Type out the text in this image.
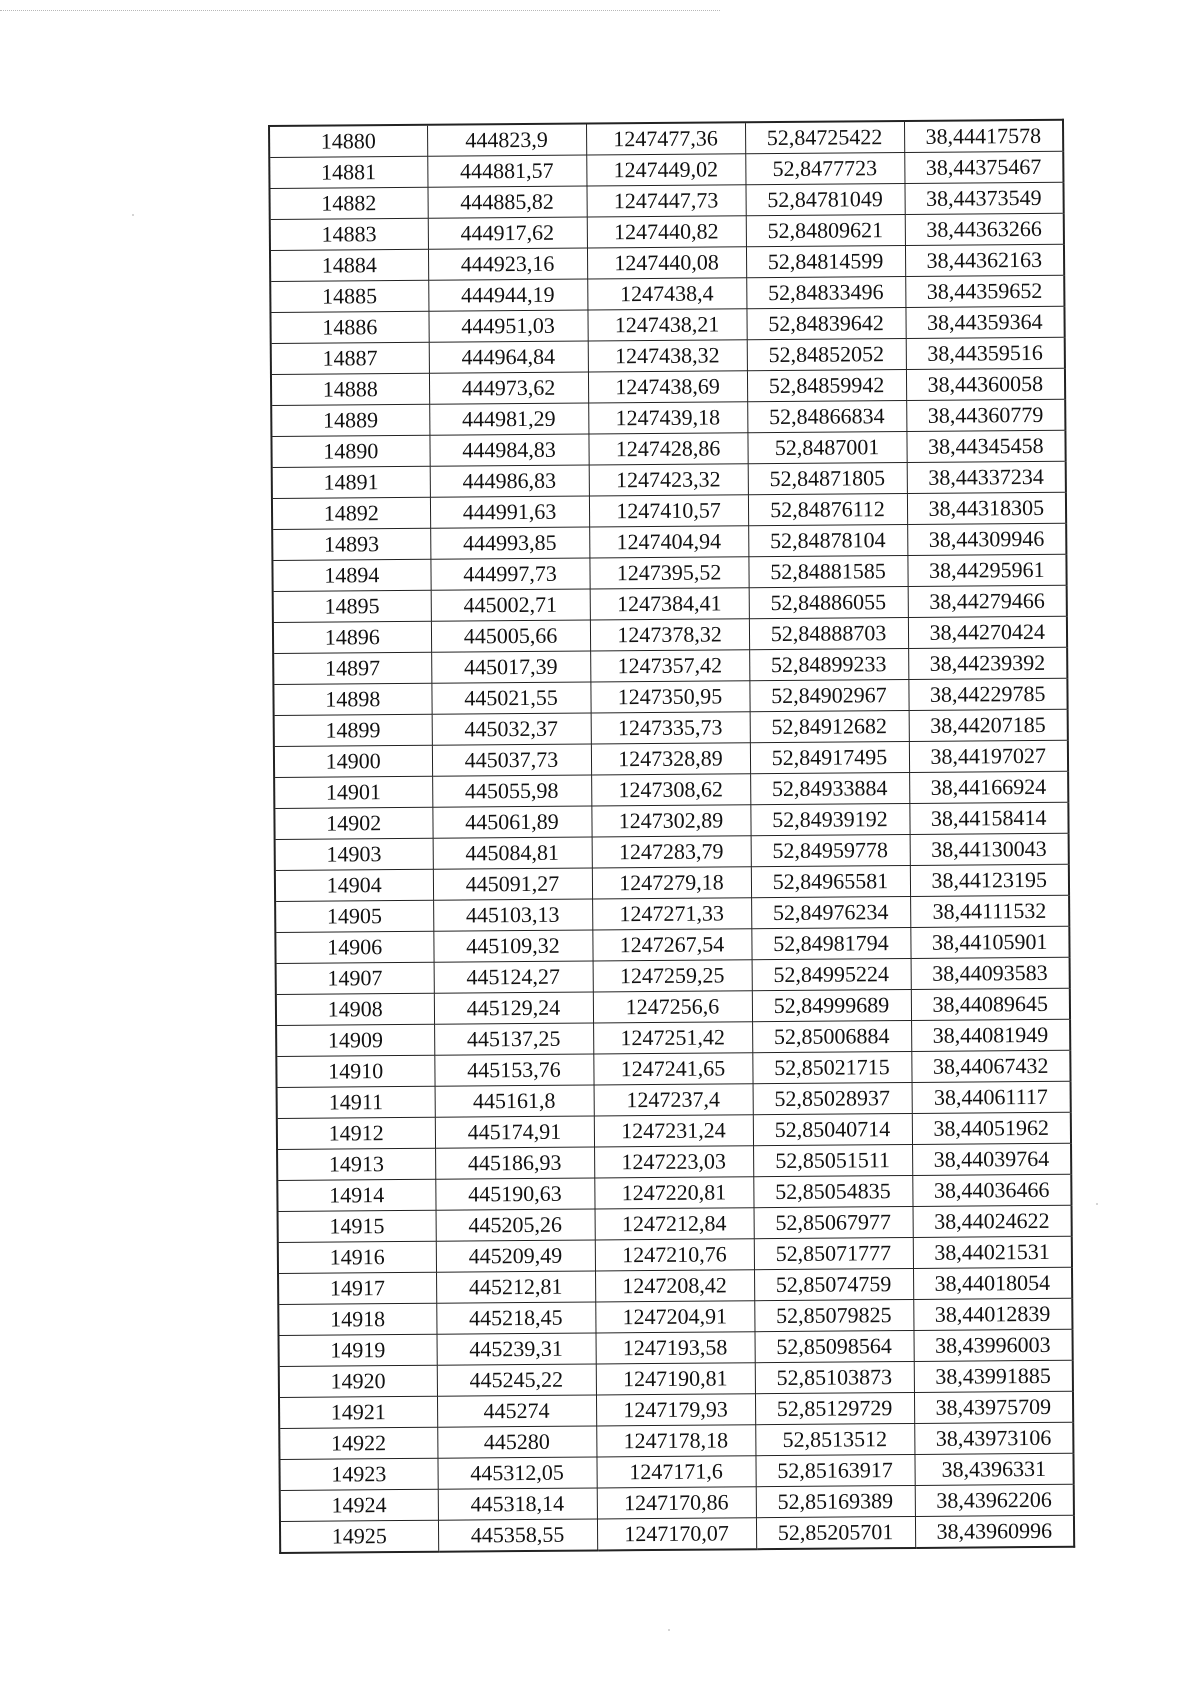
14880	444823,9	1247477,36	52,84725422	38,44417578
14881	444881,57	1247449,02	52,8477723	38,44375467
14882	444885,82	1247447,73	52,84781049	38,44373549
14883	444917,62	1247440,82	52,84809621	38,44363266
14884	444923,16	1247440,08	52,84814599	38,44362163
14885	444944,19	1247438,4	52,84833496	38,44359652
14886	444951,03	1247438,21	52,84839642	38,44359364
14887	444964,84	1247438,32	52,84852052	38,44359516
14888	444973,62	1247438,69	52,84859942	38,44360058
14889	444981,29	1247439,18	52,84866834	38,44360779
14890	444984,83	1247428,86	52,8487001	38,44345458
14891	444986,83	1247423,32	52,84871805	38,44337234
14892	444991,63	1247410,57	52,84876112	38,44318305
14893	444993,85	1247404,94	52,84878104	38,44309946
14894	444997,73	1247395,52	52,84881585	38,44295961
14895	445002,71	1247384,41	52,84886055	38,44279466
14896	445005,66	1247378,32	52,84888703	38,44270424
14897	445017,39	1247357,42	52,84899233	38,44239392
14898	445021,55	1247350,95	52,84902967	38,44229785
14899	445032,37	1247335,73	52,84912682	38,44207185
14900	445037,73	1247328,89	52,84917495	38,44197027
14901	445055,98	1247308,62	52,84933884	38,44166924
14902	445061,89	1247302,89	52,84939192	38,44158414
14903	445084,81	1247283,79	52,84959778	38,44130043
14904	445091,27	1247279,18	52,84965581	38,44123195
14905	445103,13	1247271,33	52,84976234	38,44111532
14906	445109,32	1247267,54	52,84981794	38,44105901
14907	445124,27	1247259,25	52,84995224	38,44093583
14908	445129,24	1247256,6	52,84999689	38,44089645
14909	445137,25	1247251,42	52,85006884	38,44081949
14910	445153,76	1247241,65	52,85021715	38,44067432
14911	445161,8	1247237,4	52,85028937	38,44061117
14912	445174,91	1247231,24	52,85040714	38,44051962
14913	445186,93	1247223,03	52,85051511	38,44039764
14914	445190,63	1247220,81	52,85054835	38,44036466
14915	445205,26	1247212,84	52,85067977	38,44024622
14916	445209,49	1247210,76	52,85071777	38,44021531
14917	445212,81	1247208,42	52,85074759	38,44018054
14918	445218,45	1247204,91	52,85079825	38,44012839
14919	445239,31	1247193,58	52,85098564	38,43996003
14920	445245,22	1247190,81	52,85103873	38,43991885
14921	445274	1247179,93	52,85129729	38,43975709
14922	445280	1247178,18	52,8513512	38,43973106
14923	445312,05	1247171,6	52,85163917	38,4396331
14924	445318,14	1247170,86	52,85169389	38,43962206
14925	445358,55	1247170,07	52,85205701	38,43960996
